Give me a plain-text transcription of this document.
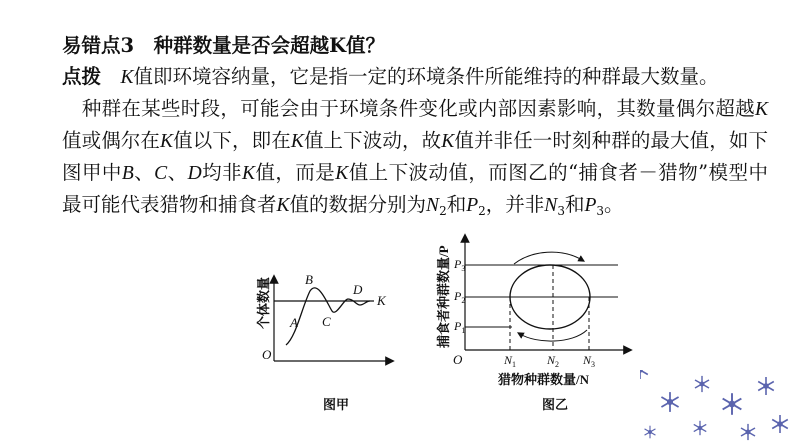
易错点3　种群数量是否会超越K值？

点拨　 K值即环境容纳量，它是指一定的环境条件所能维持的种群最大数量。

　种群在某些时段，可能会由于环境条件变化或内部因素影响，其数量偶尔超越K值或偶尔在K值以下，即在K值上下波动，故K值并非任一时刻种群的最大值，如下图甲中B、C、D均非K值，而是K值上下波动值，而图乙的“捕食者－猎物”模型中最可能代表猎物和捕食者K值的数据分别为$N_2$和$P_2$，并非$N_3$和$P_3$。

个体数量
O
K
A
B
C
D
图甲
捕食者种群数量/P
O
$P_3$
$P_2$
$P_1$
$N_1$	$N_2$ $N_3$
猎物种群数量/N
图乙
